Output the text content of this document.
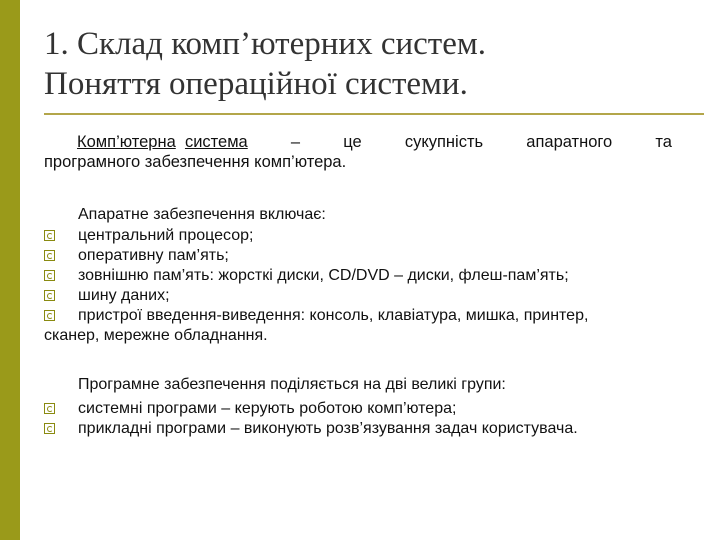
1. Склад комп’ютерних систем.
Поняття операційної системи.
Комп’ютерна система	–	це	сукупність	апаратного	та
програмного забезпечення комп’ютера.
Апаратне забезпечення включає:
центральний процесор;
оперативну пам’ять;
зовнішню пам’ять: жорсткі диски, CD/DVD – диски, флеш-пам’ять;
шину даних;
пристрої введення-виведення: консоль, клавіатура, мишка, принтер,
сканер, мережне обладнання.
Програмне забезпечення поділяється на дві великі групи:
системні програми – керують роботою комп’ютера;
прикладні програми – виконують розв’язування задач користувача.
